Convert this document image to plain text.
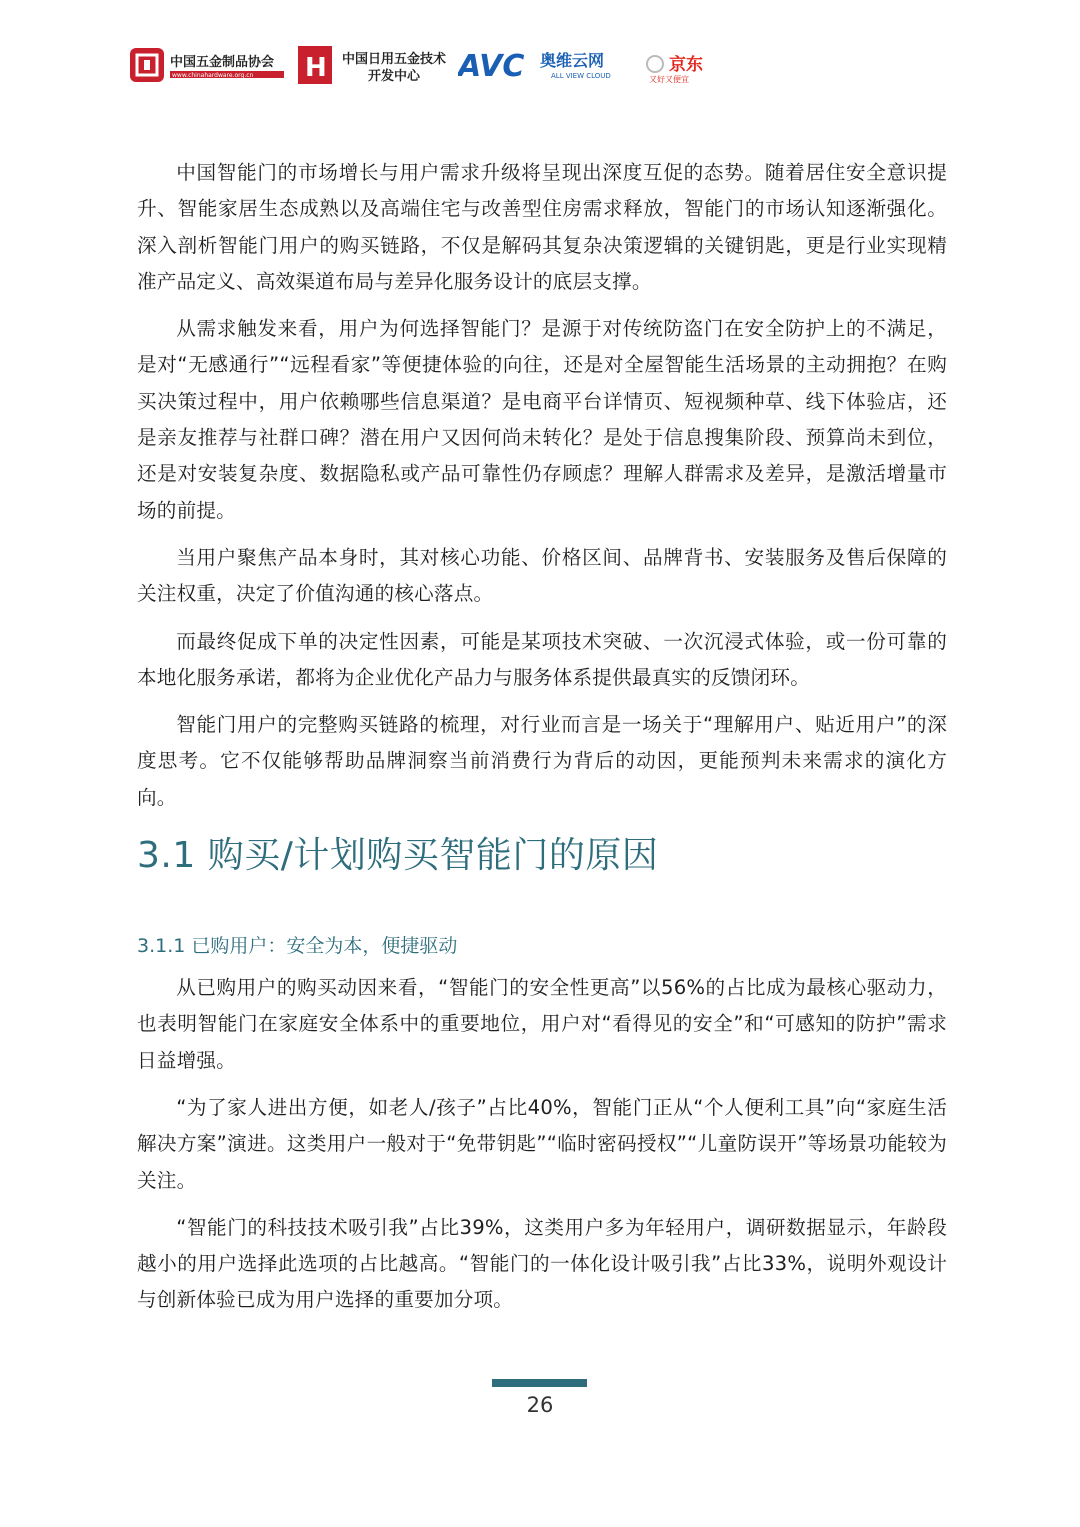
中国五金制品协会
www.chinahardware.org.cn H 中国日用五金技术
开发中心 AVC 奥维云网
ALL VIEW CLOUD
京东
又好又便宜

中国智能门的市场增长与用户需求升级将呈现出深度互促的态势。随着居住安全意识提升、智能家居生态成熟以及高端住宅与改善型住房需求释放，智能门的市场认知逐渐强化。深入剖析智能门用户的购买链路，不仅是解码其复杂决策逻辑的关键钥匙，更是行业实现精准产品定义、高效渠道布局与差异化服务设计的底层支撑。

从需求触发来看，用户为何选择智能门？是源于对传统防盗门在安全防护上的不满足，是对“无感通行”“远程看家”等便捷体验的向往，还是对全屋智能生活场景的主动拥抱？在购买决策过程中，用户依赖哪些信息渠道？是电商平台详情页、短视频种草、线下体验店，还是亲友推荐与社群口碑？潜在用户又因何尚未转化？是处于信息搜集阶段、预算尚未到位，还是对安装复杂度、数据隐私或产品可靠性仍存顾虑？理解人群需求及差异，是激活增量市场的前提。

当用户聚焦产品本身时，其对核心功能、价格区间、品牌背书、安装服务及售后保障的关注权重，决定了价值沟通的核心落点。

而最终促成下单的决定性因素，可能是某项技术突破、一次沉浸式体验，或一份可靠的本地化服务承诺，都将为企业优化产品力与服务体系提供最真实的反馈闭环。

智能门用户的完整购买链路的梳理，对行业而言是一场关于“理解用户、贴近用户”的深度思考。它不仅能够帮助品牌洞察当前消费行为背后的动因，更能预判未来需求的演化方向。

3.1 购买/计划购买智能门的原因
3.1.1 已购用户：安全为本，便捷驱动

从已购用户的购买动因来看，“智能门的安全性更高”以56%的占比成为最核心驱动力，也表明智能门在家庭安全体系中的重要地位，用户对“看得见的安全”和“可感知的防护”需求日益增强。

“为了家人进出方便，如老人/孩子”占比40%，智能门正从“个人便利工具”向“家庭生活解决方案”演进。这类用户一般对于“免带钥匙”“临时密码授权”“儿童防误开”等场景功能较为关注。

“智能门的科技技术吸引我”占比39%，这类用户多为年轻用户，调研数据显示，年龄段越小的用户选择此选项的占比越高。“智能门的一体化设计吸引我”占比33%，说明外观设计与创新体验已成为用户选择的重要加分项。

26
